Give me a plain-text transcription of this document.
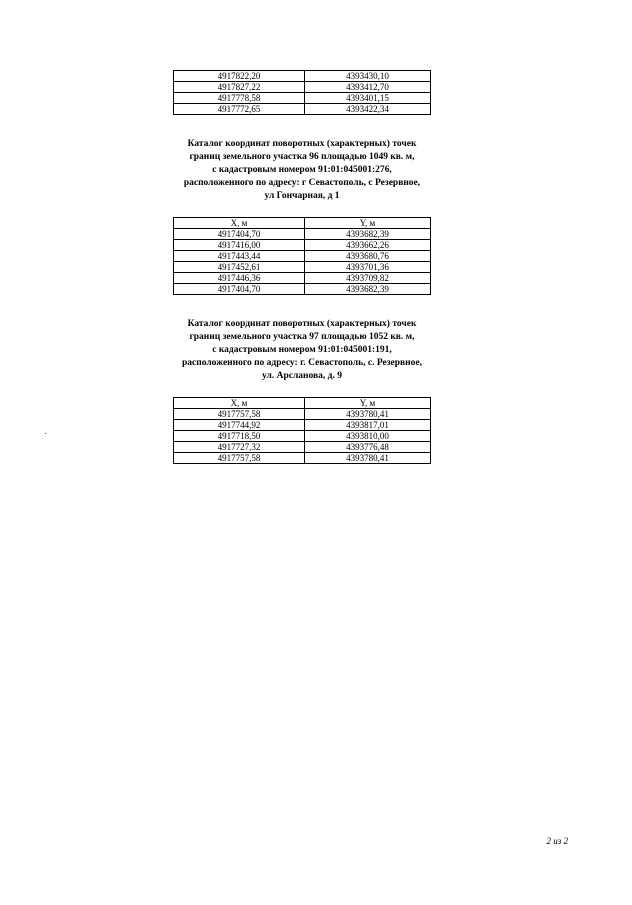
4917822,20	4393430,10
4917827,22	4393412,70
4917778,58	4393401,15
4917772,65	4393422,34
Каталог координат поворотных (характерных) точек
границ земельного участка 96 площадью 1049 кв. м,
с кадастровым номером 91:01:045001:276,
расположенного по адресу: г Севастополь, с Резервное,
ул Гончарная, д 1
X, м	Y, м
4917404,70	4393682,39
4917416,00	4393662,26
4917443,44	4393680,76
4917452,61	4393701,36
4917446,36	4393709,82
4917404,70	4393682,39
Каталог координат поворотных (характерных) точек
границ земельного участка 97 площадью 1052 кв. м,
с кадастровым номером 91:01:045001:191,
расположенного по адресу: г. Севастополь, с. Резервное,
ул. Арсланова, д. 9
X, м	Y, м
4917757,58	4393780,41
4917744,92	4393817,01
4917718,50	4393810,00
4917727,32	4393776,48
4917757,58	4393780,41
2 из 2
